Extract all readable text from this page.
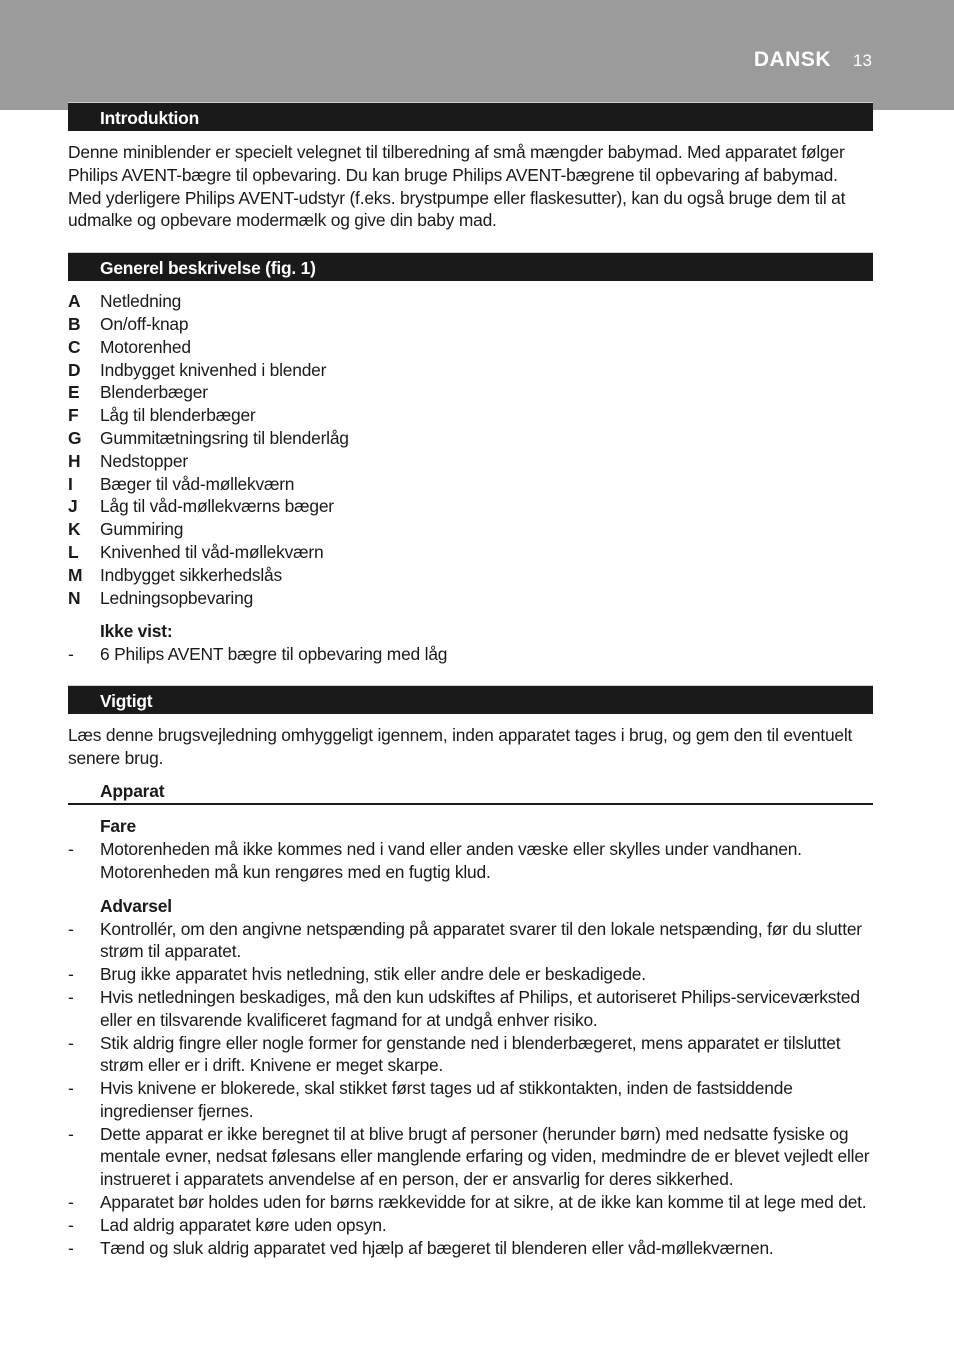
DANSK 13
Introduktion

Denne miniblender er specielt velegnet til tilberedning af små mængder babymad. Med apparatet følger Philips AVENT-bægre til opbevaring. Du kan bruge Philips AVENT-bægrene til opbevaring af babymad. Med yderligere Philips AVENT-udstyr (f.eks. brystpumpe eller flaskesutter), kan du også bruge dem til at udmalke og opbevare modermælk og give din baby mad.

Generel beskrivelse (fig. 1)
A	Netledning
B	On/off-knap
C	Motorenhed
D	Indbygget knivenhed i blender
E	Blenderbæger
F	Låg til blenderbæger
G	Gummitætningsring til blenderlåg
H	Nedstopper
I	Bæger til våd-møllekværn
J	Låg til våd-møllekværns bæger
K	Gummiring
L	Knivenhed til våd-møllekværn
M	Indbygget sikkerhedslås
N	Ledningsopbevaring
Ikke vist:
-	6 Philips AVENT bægre til opbevaring med låg
Vigtigt

Læs denne brugsvejledning omhyggeligt igennem, inden apparatet tages i brug, og gem den til eventuelt senere brug.

Apparat
Fare
-	Motorenheden må ikke kommes ned i vand eller anden væske eller skylles under vandhanen. Motorenheden må kun rengøres med en fugtig klud.
Advarsel
-	Kontrollér, om den angivne netspænding på apparatet svarer til den lokale netspænding, før du slutter strøm til apparatet.
-	Brug ikke apparatet hvis netledning, stik eller andre dele er beskadigede.
-	Hvis netledningen beskadiges, må den kun udskiftes af Philips, et autoriseret Philips-serviceværksted eller en tilsvarende kvalificeret fagmand for at undgå enhver risiko.
-	Stik aldrig fingre eller nogle former for genstande ned i blenderbægeret, mens apparatet er tilsluttet strøm eller er i drift. Knivene er meget skarpe.
-	Hvis knivene er blokerede, skal stikket først tages ud af stikkontakten, inden de fastsiddende ingredienser fjernes.
-	Dette apparat er ikke beregnet til at blive brugt af personer (herunder børn) med nedsatte fysiske og mentale evner, nedsat følesans eller manglende erfaring og viden, medmindre de er blevet vejledt eller instrueret i apparatets anvendelse af en person, der er ansvarlig for deres sikkerhed.
-	Apparatet bør holdes uden for børns rækkevidde for at sikre, at de ikke kan komme til at lege med det.
-	Lad aldrig apparatet køre uden opsyn.
-	Tænd og sluk aldrig apparatet ved hjælp af bægeret til blenderen eller våd-møllekværnen.
